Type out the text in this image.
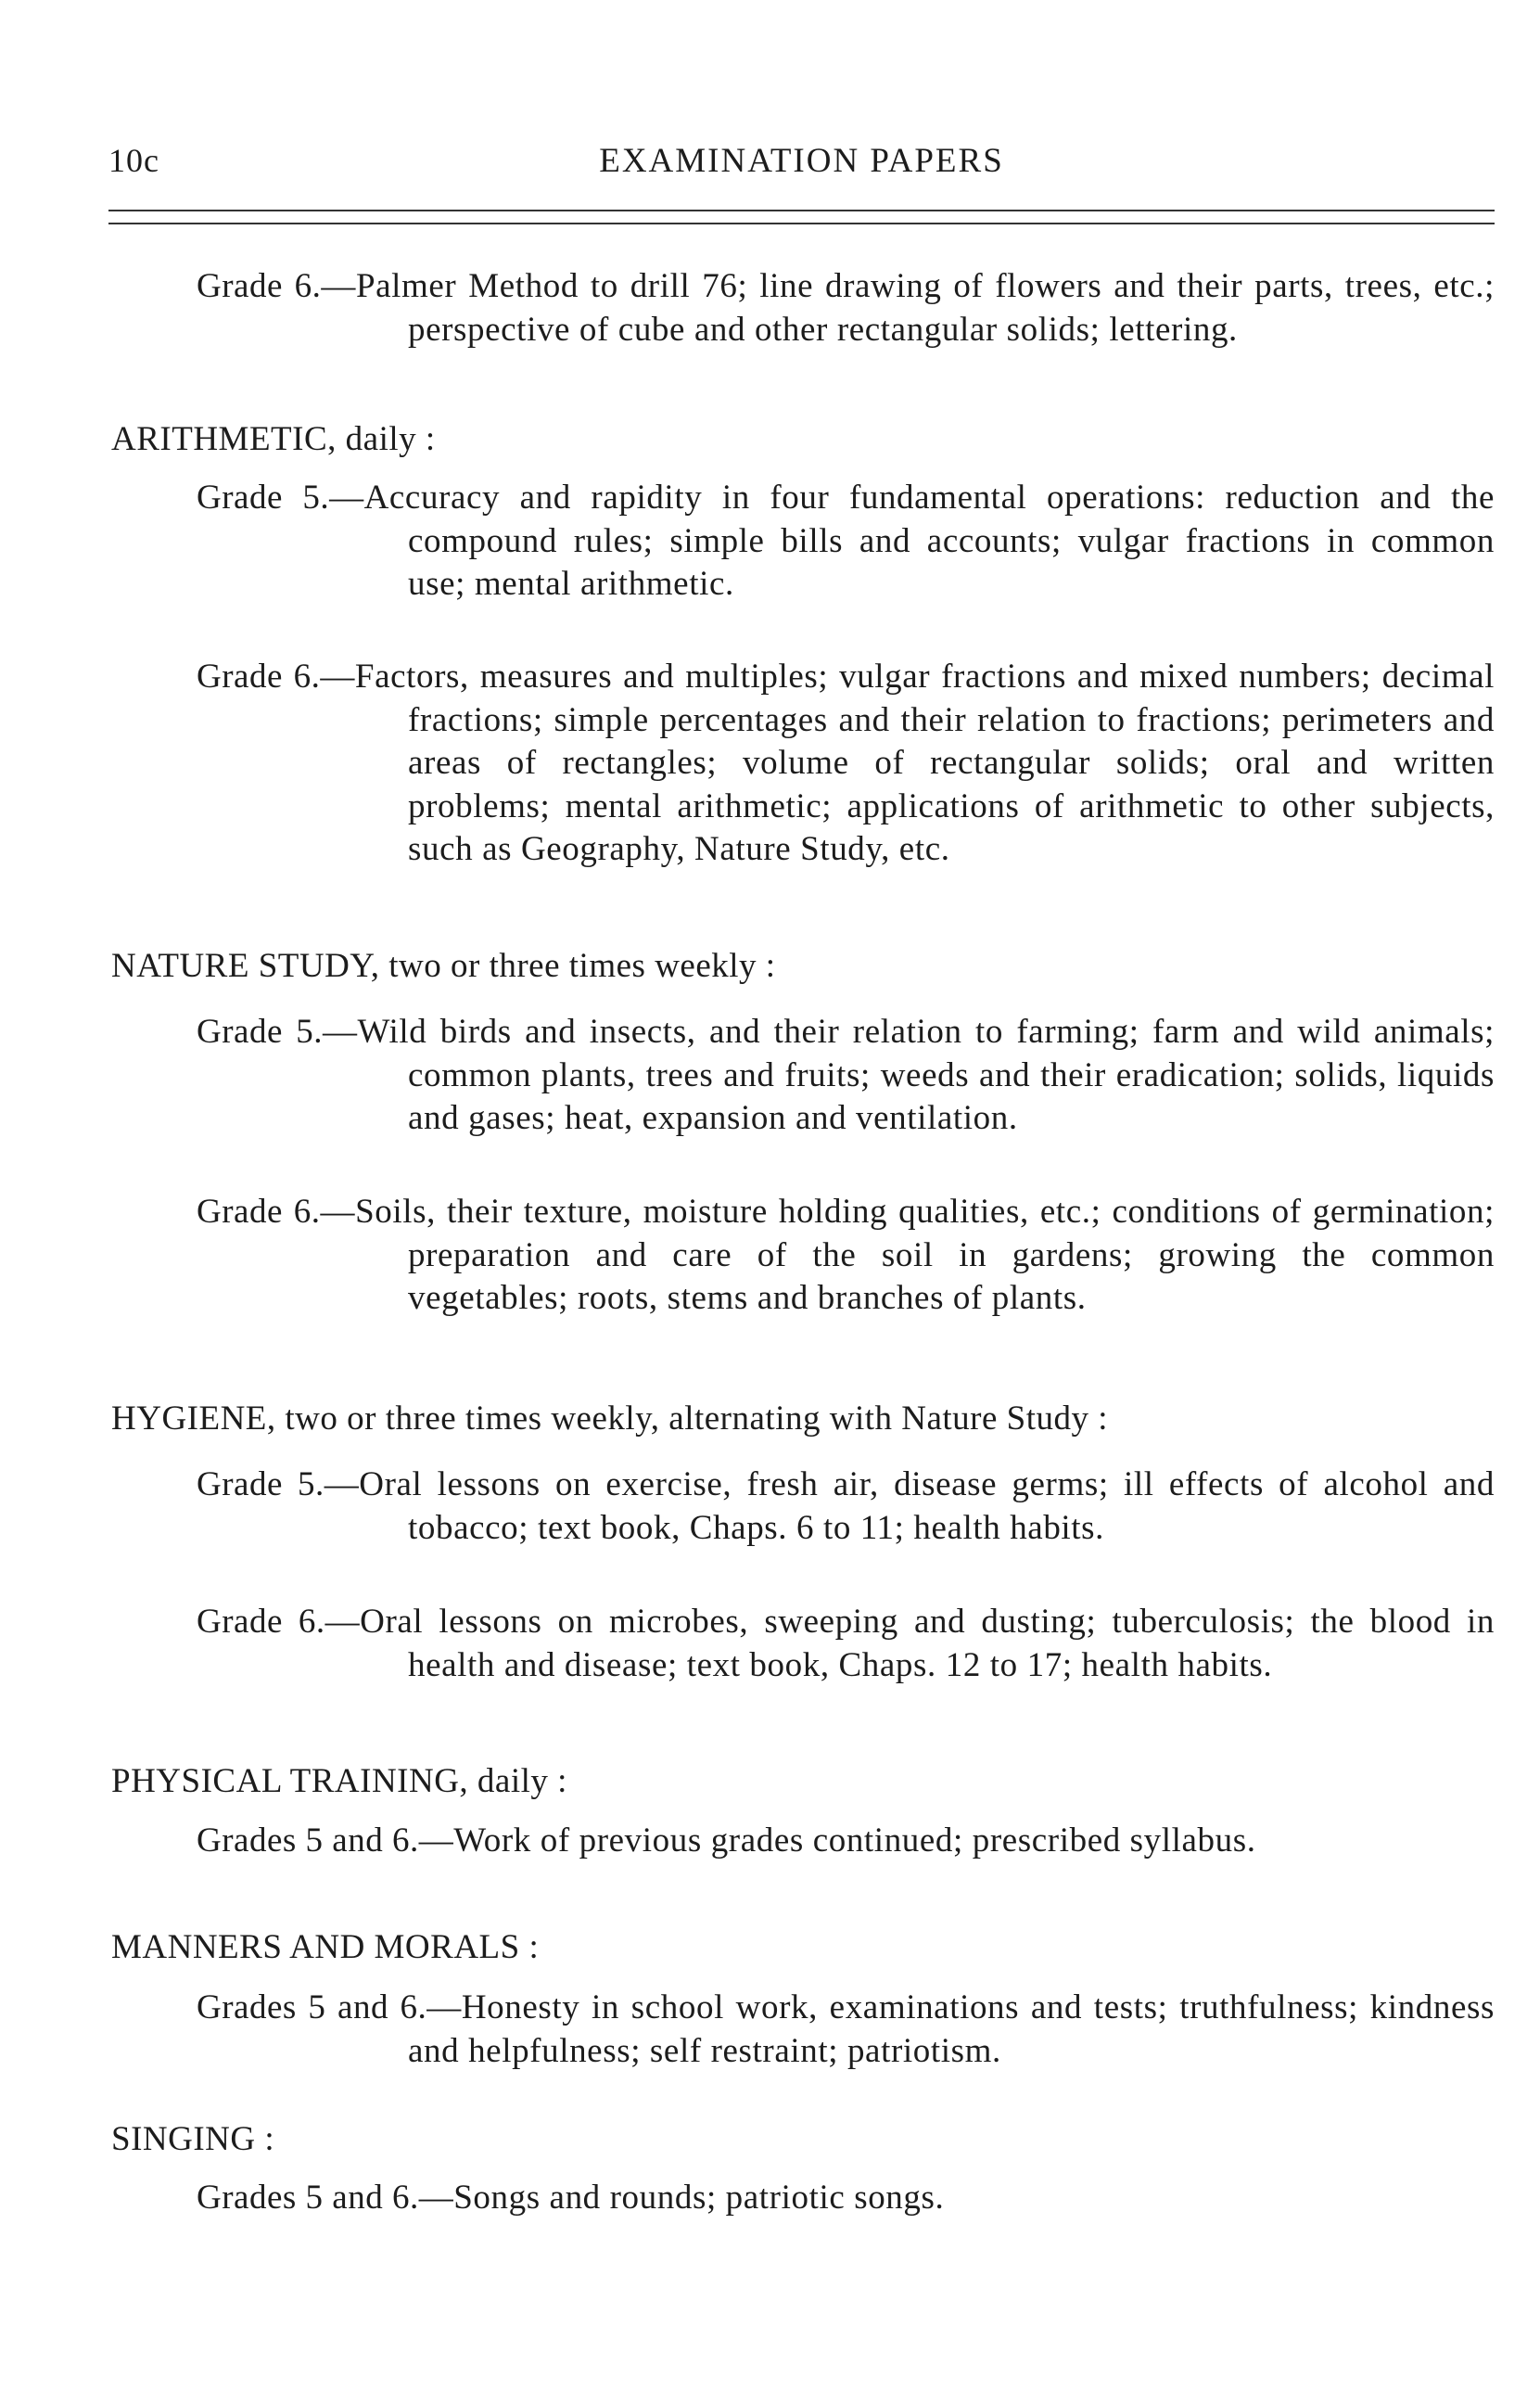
10c	EXAMINATION PAPERS
Grade 6.—Palmer Method to drill 76; line drawing of flowers and their parts, trees, etc.; perspective of cube and other rectangular solids; lettering.
ARITHMETIC, daily :
Grade 5.—Accuracy and rapidity in four fundamental operations: reduction and the compound rules; simple bills and accounts; vulgar fractions in common use; mental arithmetic.
Grade 6.—Factors, measures and multiples; vulgar fractions and mixed numbers; decimal fractions; simple percentages and their relation to fractions; perimeters and areas of rectangles; volume of rectangular solids; oral and written problems; mental arithmetic; applications of arithmetic to other subjects, such as Geography, Nature Study, etc.
NATURE STUDY, two or three times weekly :
Grade 5.—Wild birds and insects, and their relation to farming; farm and wild animals; common plants, trees and fruits; weeds and their eradication; solids, liquids and gases; heat, expansion and ventilation.
Grade 6.—Soils, their texture, moisture holding qualities, etc.; conditions of germination; preparation and care of the soil in gardens; growing the common vegetables; roots, stems and branches of plants.
HYGIENE, two or three times weekly, alternating with Nature Study :
Grade 5.—Oral lessons on exercise, fresh air, disease germs; ill effects of alcohol and tobacco; text book, Chaps. 6 to 11; health habits.
Grade 6.—Oral lessons on microbes, sweeping and dusting; tuberculosis; the blood in health and disease; text book, Chaps. 12 to 17; health habits.
PHYSICAL TRAINING, daily :
Grades 5 and 6.—Work of previous grades continued; prescribed syllabus.
MANNERS AND MORALS :
Grades 5 and 6.—Honesty in school work, examinations and tests; truthfulness; kindness and helpfulness; self restraint; patriotism.
SINGING :
Grades 5 and 6.—Songs and rounds; patriotic songs.
